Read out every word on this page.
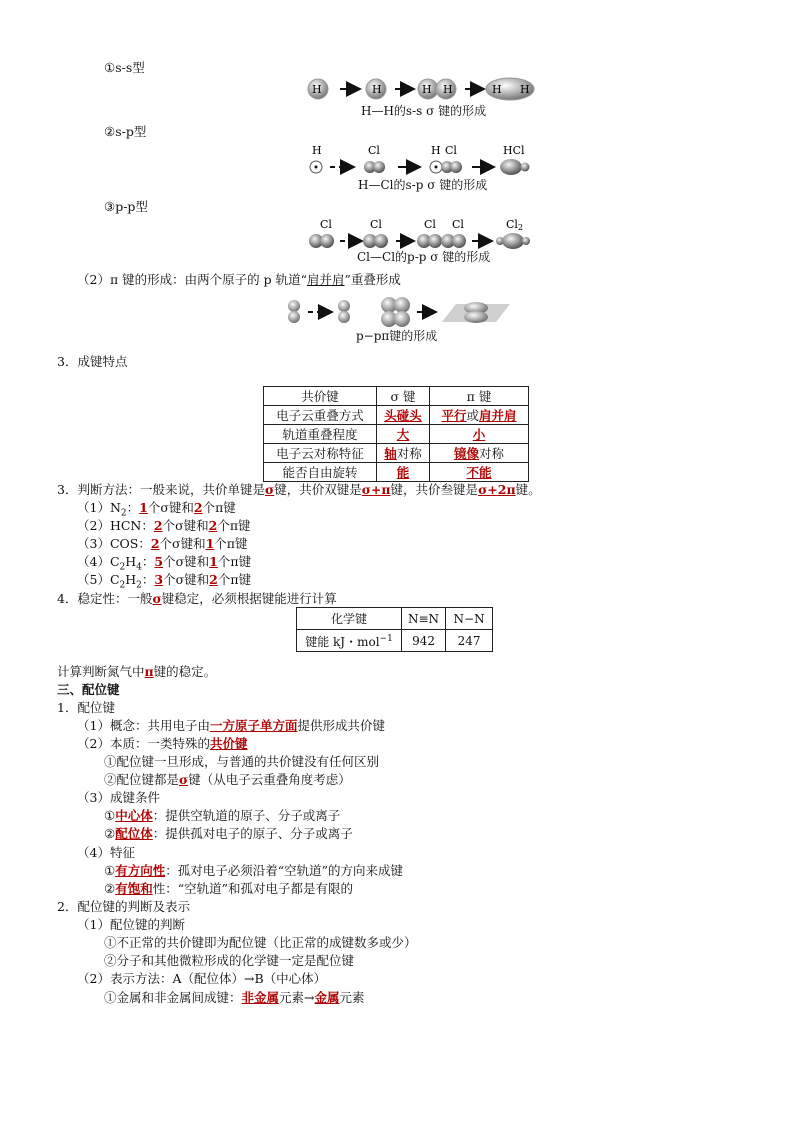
①s-s型
H	H	H H	H H
H—H的s-s σ 键的形成
②s-p型
H	Cl	H Cl	HCl
H—Cl的s-p σ 键的形成
③p-p型
Cl	Cl	Cl Cl	Cl 2
Cl—Cl的p-p σ 键的形成
（2）π 键的形成：由两个原子的 p 轨道“肩并肩”重叠形成
p−pπ键的形成
3．成键特点
共价键	σ 键	π 键
电子云重叠方式	头碰头	平行或肩并肩
轨道重叠程度	大	小
电子云对称特征	轴对称	镜像对称
能否自由旋转	能	不能
3．判断方法：一般来说，共价单键是σ键，共价双键是σ+π键，共价叁键是σ+2π键。
$(1)N_2$：1个σ键和2个π键
（2）HCN：2个σ键和2个π键
（3）COS：2个σ键和1个π键
$(4)C_2H_4$：5个σ键和1个π键
$(5)C_2H_2$：3个σ键和2个π键
4．稳定性：一般σ键稳定，必须根据键能进行计算
化学键	N≡N	N−N
键能 kJ・mol$^{-1}$	942	247
计算判断氮气中π键的稳定。
三、配位键
1．配位键
（1）概念：共用电子由一方原子单方面提供形成共价键
（2）本质：一类特殊的共价键
①配位键一旦形成，与普通的共价键没有任何区别
②配位键都是σ键（从电子云重叠角度考虑）
（3）成键条件
①中心体：提供空轨道的原子、分子或离子
②配位体：提供孤对电子的原子、分子或离子
（4）特征
①有方向性：孤对电子必须沿着“空轨道”的方向来成键
②有饱和性：“空轨道”和孤对电子都是有限的
2．配位键的判断及表示
（1）配位键的判断
①不正常的共价键即为配位键（比正常的成键数多或少）
②分子和其他微粒形成的化学键一定是配位键
（2）表示方法：A（配位体）→B（中心体）
①金属和非金属间成键：非金属元素→金属元素
